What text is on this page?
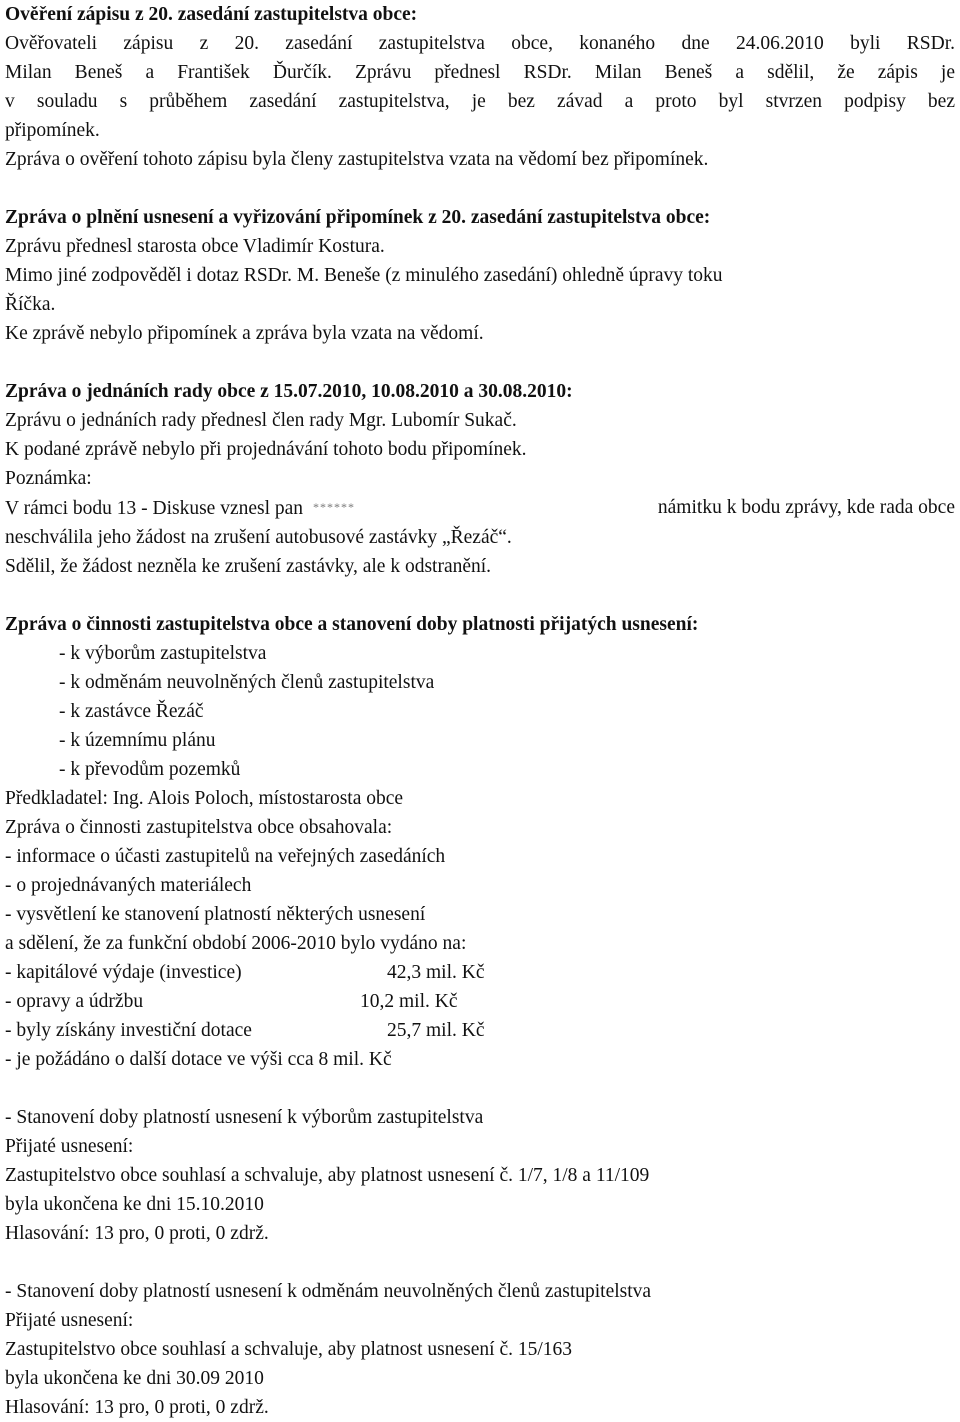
Ověření zápisu z 20. zasedání zastupitelstva obce:
Ověřovateli zápisu z 20. zasedání zastupitelstva obce, konaného dne 24.06.2010 byli RSDr.
Milan Beneš a František Ďurčík. Zprávu přednesl RSDr. Milan Beneš a sdělil, že zápis je
v souladu s průběhem zasedání zastupitelstva, je bez závad a proto byl stvrzen podpisy bez
připomínek.
Zpráva o ověření tohoto zápisu byla členy zastupitelstva vzata na vědomí bez připomínek.
Zpráva o plnění usnesení a vyřizování připomínek z 20. zasedání zastupitelstva obce:
Zprávu přednesl starosta obce Vladimír Kostura.
Mimo jiné zodpověděl i dotaz RSDr. M. Beneše (z minulého zasedání) ohledně úpravy toku
Říčka.
Ke zprávě nebylo připomínek a zpráva byla vzata na vědomí.
Zpráva o jednáních rady obce z 15.07.2010, 10.08.2010 a 30.08.2010:
Zprávu o jednáních rady přednesl člen rady Mgr. Lubomír Sukač.
K podané zprávě nebylo při projednávání tohoto bodu připomínek.
Poznámka:
V rámci bodu 13 - Diskuse vznesl pan ******	námitku k bodu zprávy, kde rada obce
neschválila jeho žádost na zrušení autobusové zastávky „Řezáč“.
Sdělil, že žádost nezněla ke zrušení zastávky, ale k odstranění.
Zpráva o činnosti zastupitelstva obce a stanovení doby platnosti přijatých usnesení:
- k výborům zastupitelstva
- k odměnám neuvolněných členů zastupitelstva
- k zastávce Řezáč
- k územnímu plánu
- k převodům pozemků
Předkladatel: Ing. Alois Poloch, místostarosta obce
Zpráva o činnosti zastupitelstva obce obsahovala:
- informace o účasti zastupitelů na veřejných zasedáních
- o projednávaných materiálech
- vysvětlení ke stanovení platností některých usnesení
a sdělení, že za funkční období 2006-2010 bylo vydáno na:
- kapitálové výdaje (investice)	42,3 mil. Kč
- opravy a údržbu	10,2 mil. Kč
- byly získány investiční dotace	25,7 mil. Kč
- je požádáno o další dotace ve výši cca 8 mil. Kč
- Stanovení doby platností usnesení k výborům zastupitelstva
Přijaté usnesení:
Zastupitelstvo obce souhlasí a schvaluje, aby platnost usnesení č. 1/7, 1/8 a 11/109
byla ukončena ke dni 15.10.2010
Hlasování: 13 pro, 0 proti, 0 zdrž.
- Stanovení doby platností usnesení k odměnám neuvolněných členů zastupitelstva
Přijaté usnesení:
Zastupitelstvo obce souhlasí a schvaluje, aby platnost usnesení č. 15/163
byla ukončena ke dni 30.09 2010
Hlasování: 13 pro, 0 proti, 0 zdrž.
